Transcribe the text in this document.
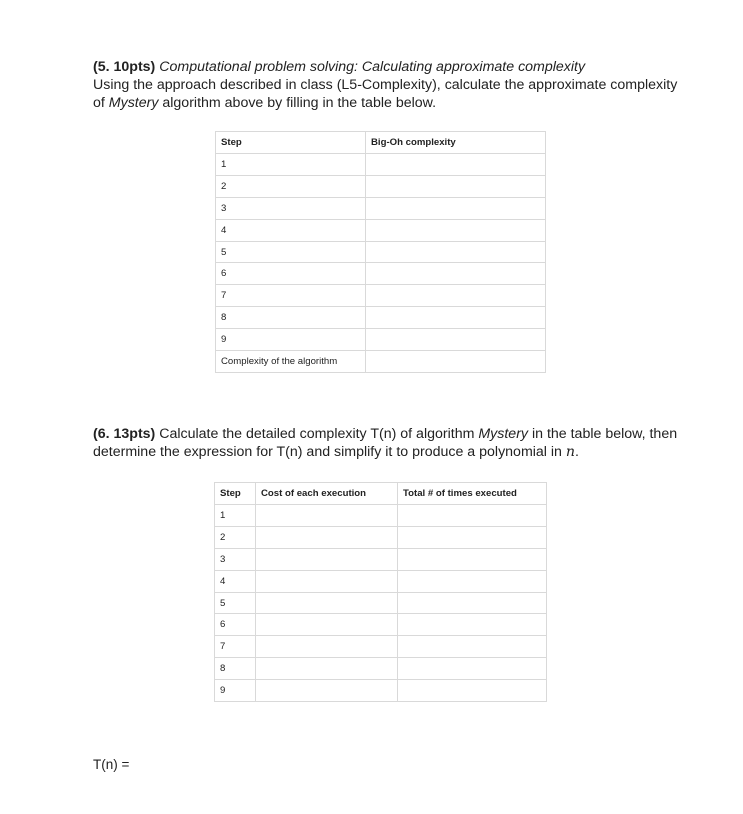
(5. 10pts) Computational problem solving: Calculating approximate complexity
Using the approach described in class (L5-Complexity), calculate the approximate complexity of Mystery algorithm above by filling in the table below.

Step	Big-Oh complexity
1	
2	
3	
4	
5	
6	
7	
8	
9	
Complexity of the algorithm	

(6. 13pts) Calculate the detailed complexity T(n) of algorithm Mystery in the table below, then determine the expression for T(n) and simplify it to produce a polynomial in n.

Step	Cost of each execution	Total # of times executed
1		
2		
3		
4		
5		
6		
7		
8		
9		

T(n) =
